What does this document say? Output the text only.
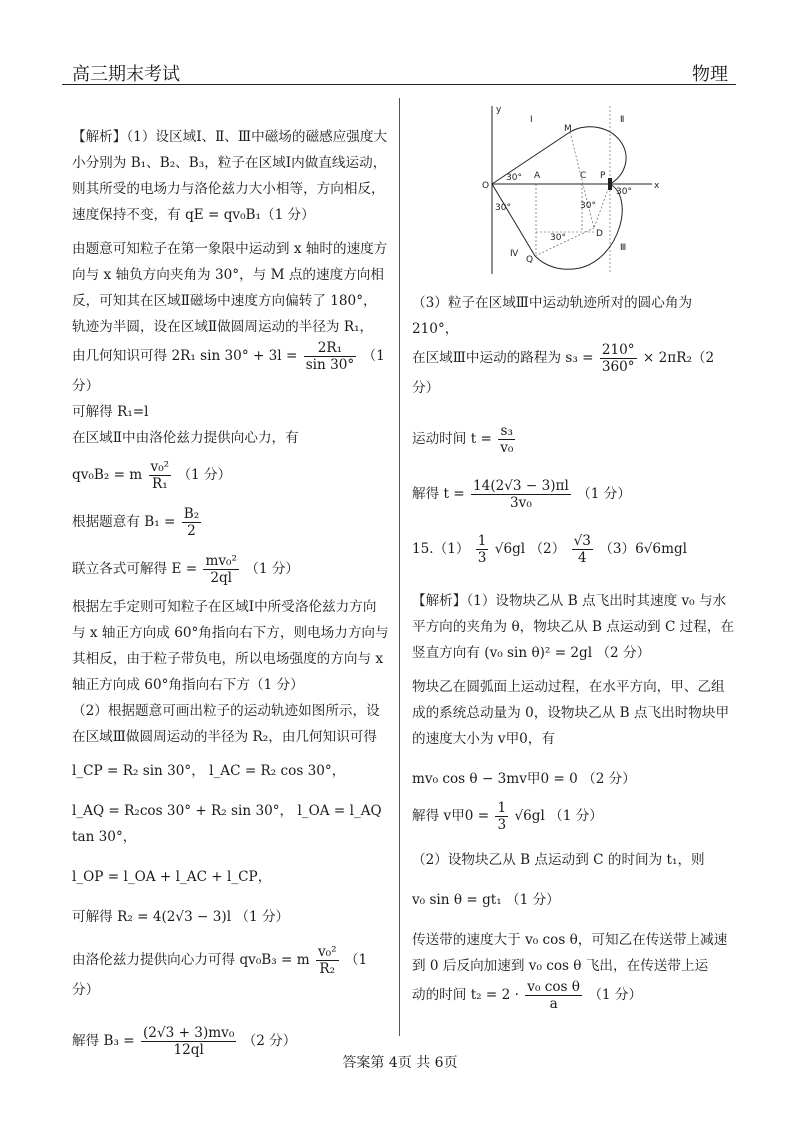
高三期末考试	物理

【解析】（1）设区域Ⅰ、Ⅱ、Ⅲ中磁场的磁感应强度大小分别为 B₁、B₂、B₃，粒子在区域Ⅰ内做直线运动，则其所受的电场力与洛伦兹力大小相等，方向相反，速度保持不变，有 qE = qv₀B₁（1 分）

由题意可知粒子在第一象限中运动到 x 轴时的速度方向与 x 轴负方向夹角为 30°，与 M 点的速度方向相反，可知其在区域Ⅱ磁场中速度方向偏转了 180°，轨迹为半圆，设在区域Ⅱ做圆周运动的半径为 R₁，

由几何知识可得 2R₁ $\sin 30^\circ + 3l = \frac{\text{2R₁}}{\sin 30^\circ} (1$ 分）

可解得 R₁=l

在区域Ⅱ中由洛伦兹力提供向心力，有

qv₀B₂ = m $\frac{\text{v₀²}}{\text{R₁}} (1$ 分）

根据题意有 $B_1 = \frac{\text{B₂}}{2}$

联立各式可解得 $E = \frac{\text{mv₀²}}{2ql} (1$ 分）

根据左手定则可知粒子在区域Ⅰ中所受洛伦兹力方向与 x 轴正方向成 60°角指向右下方，则电场力方向与其相反，由于粒子带负电，所以电场强度的方向与 x 轴正方向成 60°角指向右下方（1 分）

（2）根据题意可画出粒子的运动轨迹如图所示，设在区域Ⅲ做圆周运动的半径为 R₂，由几何知识可得

l_CP = R₂ sin 30°， l_AC = R₂ cos 30°，

l_AQ = R₂cos 30° + R₂ sin 30°， l_OA = l_AQ tan 30°，

l_OP = l_OA + l_AC + l_CP，

可解得 R₂ = 4(2√3 − 3)l （1 分）

由洛伦兹力提供向心力可得 qv₀B₃ = m $\frac{\text{v₀²}}{\text{R₂}} (1$ 分）

解得 $B_3 = \frac{\text{(2√3 + 3)mv₀}}{12ql} (2$ 分）

y
Ⅰ	Ⅱ
Ⅲ
Ⅳ
M
O
A	C P
x
D
Q
30°
30°
30°
30°
30°

（3）粒子在区域Ⅲ中运动轨迹所对的圆心角为 210°，

在区域Ⅲ中运动的路程为 $s_3 = \frac{210^\circ}{360^\circ} \times 2\pi R_2(2$ 分）

运动时间 $t = \frac{\text{s₃}}{\text{v₀}}$

解得 $t = \frac{14(2√3 - 3)\pi l}{\text{3v₀}} (1$ 分）

$15.(1) \frac{1}{3} √6gl$ $(2) \frac{√3}{4} (3)6√6mgl$

【解析】（1）设物块乙从 B 点飞出时其速度 v₀ 与水平方向的夹角为 θ，物块乙从 B 点运动到 C 过程，在竖直方向有 (v₀ sin θ)² = 2gl （2 分）

物块乙在圆弧面上运动过程，在水平方向，甲、乙组成的系统总动量为 0，设物块乙从 B 点飞出时物块甲的速度大小为 v甲0，有

mv₀ cos θ − 3mv甲0 = 0 （2 分）

解得 v甲$0 = \frac{1}{3} √6gl$ （1 分）

（2）设物块乙从 B 点运动到 C 的时间为 t₁，则

v₀ sin θ = gt₁ （1 分）

传送带的速度大于 v₀ cos θ，可知乙在传送带上减速到 0 后反向加速到 v₀ cos θ 飞出，在传送带上运

动的时间 $t_2 = 2 \cdot \frac{\text{v₀ cos θ}}{a} (1$ 分）

答案第 4页 共 6页
